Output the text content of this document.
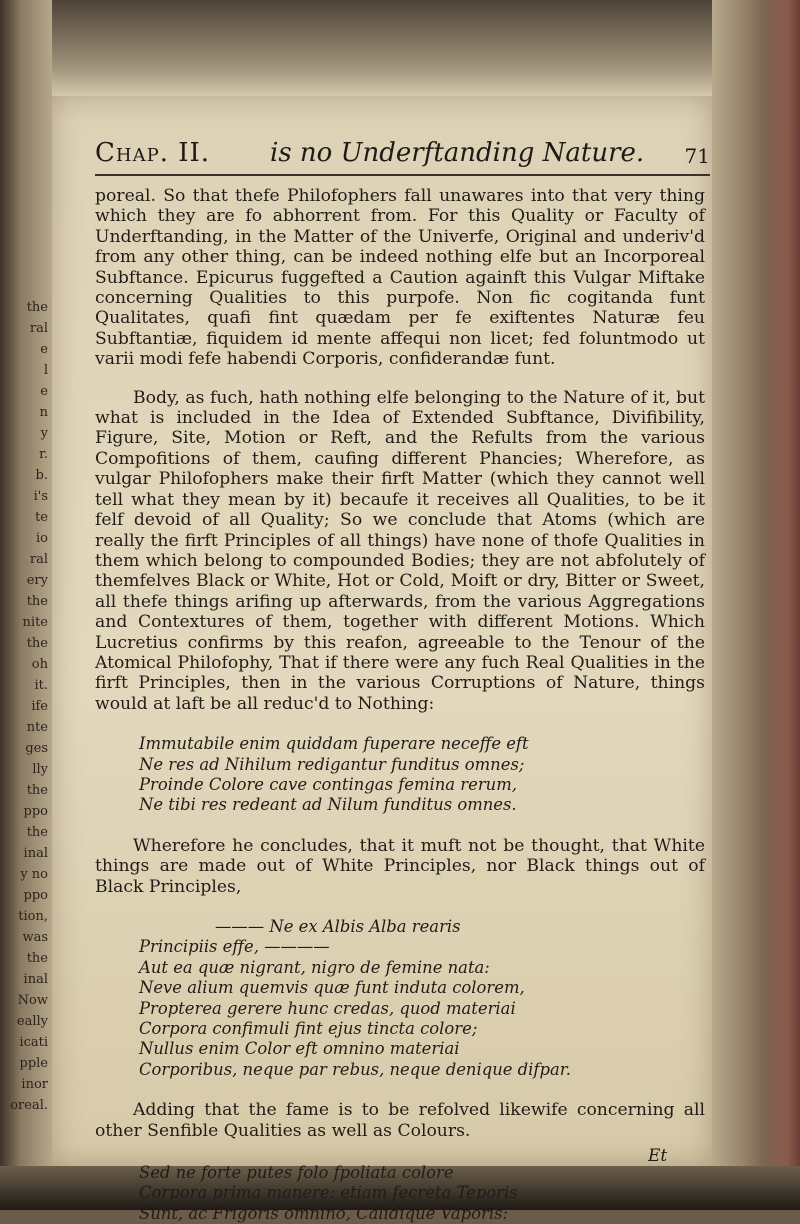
the
ral
e
l
e
n
y
r.
b.
i's
te
io
ral
ery
the
nite
the
oh
it.
ife
nte
ges
lly
the
ppo
the
inal
y no
ppo
tion,
was
the
inal
Now
eally
icati
pple
inor
oreal.
Chap. II. is no Underftanding Nature. 71

poreal. So that thefe Philofophers fall unawares into that very thing which they are fo abhorrent from. For this Quality or Faculty of Underftanding, in the Matter of the Univerfe, Original and underiv'd from any other thing, can be indeed nothing elfe but an Incorporeal Subftance. Epicurus fuggefted a Caution againft this Vulgar Miftake concerning Qualities to this purpofe. Non fic cogitanda funt Qualitates, quafi fint quædam per fe exiftentes Naturæ feu Subftantiæ, fiquidem id mente affequi non licet; fed foluntmodo ut varii modi fefe habendi Corporis, confiderandæ funt.

Body, as fuch, hath nothing elfe belonging to the Nature of it, but what is included in the Idea of Extended Subftance, Divifibility, Figure, Site, Motion or Reft, and the Refults from the various Compofitions of them, caufing different Phancies; Wherefore, as vulgar Philofophers make their firft Matter (which they cannot well tell what they mean by it) becaufe it receives all Qualities, to be it felf devoid of all Quality; So we conclude that Atoms (which are really the firft Principles of all things) have none of thofe Qualities in them which belong to compounded Bodies; they are not abfolutely of themfelves Black or White, Hot or Cold, Moift or dry, Bitter or Sweet, all thefe things arifing up afterwards, from the various Aggregations and Contextures of them, together with different Motions. Which Lucretius confirms by this reafon, agreeable to the Tenour of the Atomical Philofophy, That if there were any fuch Real Qualities in the firft Principles, then in the various Corruptions of Nature, things would at laft be all reduc'd to Nothing:

Immutabile enim quiddam fuperare neceffe eft

Ne res ad Nihilum redigantur funditus omnes;

Proinde Colore cave contingas femina rerum,

Ne tibi res redeant ad Nilum funditus omnes.

Wherefore he concludes, that it muft not be thought, that White things are made out of White Principles, nor Black things out of Black Principles,

——— Ne ex Albis Alba rearis

Principiis effe, ————

Aut ea quæ nigrant, nigro de femine nata:

Neve alium quemvis quæ funt induta colorem,

Propterea gerere hunc credas, quod materiai

Corpora confimuli fint ejus tincta colore;

Nullus enim Color eft omnino materiai

Corporibus, neque par rebus, neque denique difpar.

Adding that the fame is to be refolved likewife concerning all other Senfible Qualities as well as Colours.

Sed ne forte putes folo fpoliata colore

Corpora prima manere: etiam fecreta Teporis

Sunt, ac Frigoris omnino, Calidique Vaporis:

Et
